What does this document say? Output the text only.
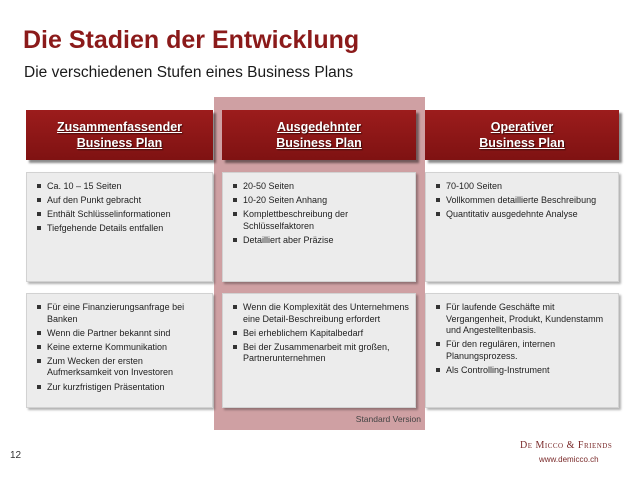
Die Stadien der Entwicklung
Die verschiedenen Stufen eines Business Plans
Standard Version
Zusammenfassender
Business Plan
Ausgedehnter
Business Plan
Operativer
Business Plan
Ca. 10 – 15 Seiten
Auf den Punkt gebracht
Enthält Schlüsselinformationen
Tiefgehende Details entfallen
20-50 Seiten
10-20 Seiten Anhang
Komplettbeschreibung der Schlüsselfaktoren
Detailliert aber Präzise
70-100 Seiten
Vollkommen detaillierte Beschreibung
Quantitativ ausgedehnte Analyse
Für eine Finanzierungsanfrage bei Banken
Wenn die Partner bekannt sind
Keine externe Kommunikation
Zum Wecken der ersten Aufmerksamkeit von Investoren
Zur kurzfristigen Präsentation
Wenn die Komplexität des Unternehmens eine Detail-Beschreibung erfordert
Bei erheblichem Kapitalbedarf
Bei der Zusammenarbeit mit großen, Partnerunternehmen
Für laufende Geschäfte mit Vergangenheit, Produkt, Kundenstamm und Angestelltenbasis.
Für den regulären, internen Planungsprozess.
Als Controlling-Instrument
12
De Micco & Friends
www.demicco.ch
